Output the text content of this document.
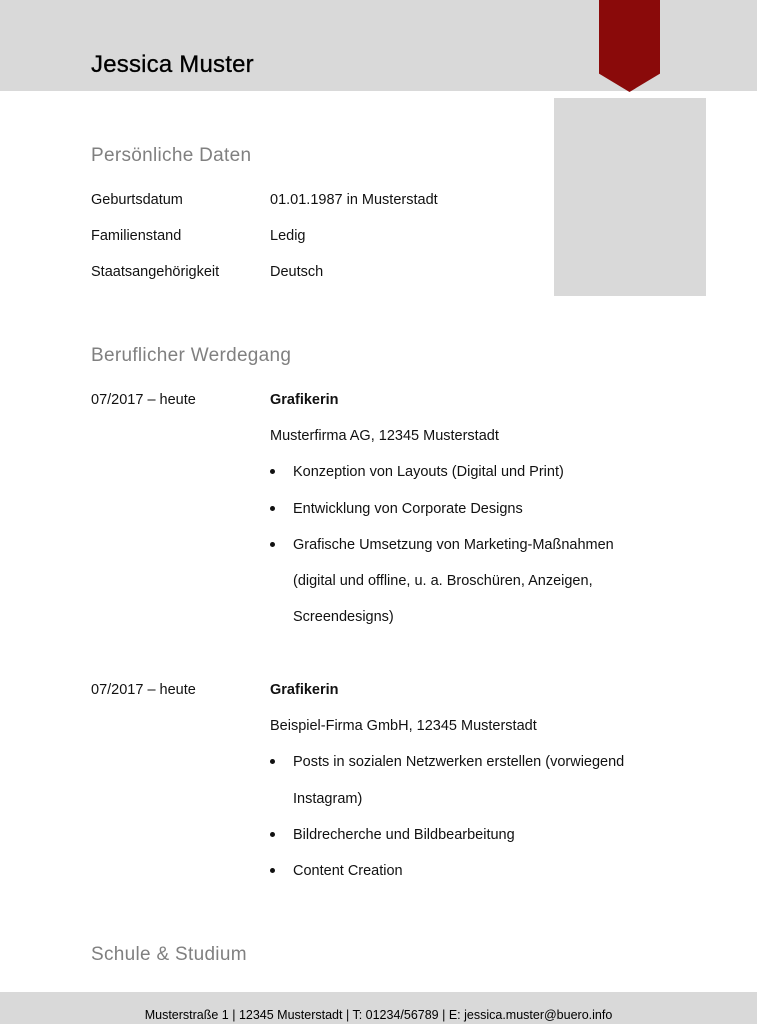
Jessica Muster
Persönliche Daten
Geburtsdatum	01.01.1987 in Musterstadt
Familienstand	Ledig
Staatsangehörigkeit	Deutsch
Beruflicher Werdegang
07/2017 – heute	Grafikerin
Musterfirma AG, 12345 Musterstadt
Konzeption von Layouts (Digital und Print)
Entwicklung von Corporate Designs
Grafische Umsetzung von Marketing-Maßnahmen
(digital und offline, u. a. Broschüren, Anzeigen,
Screendesigns)
07/2017 – heute	Grafikerin
Beispiel-Firma GmbH, 12345 Musterstadt
Posts in sozialen Netzwerken erstellen (vorwiegend
Instagram)
Bildrecherche und Bildbearbeitung
Content Creation
Schule & Studium
Musterstraße 1 | 12345 Musterstadt | T: 01234/56789 | E: jessica.muster@buero.info
